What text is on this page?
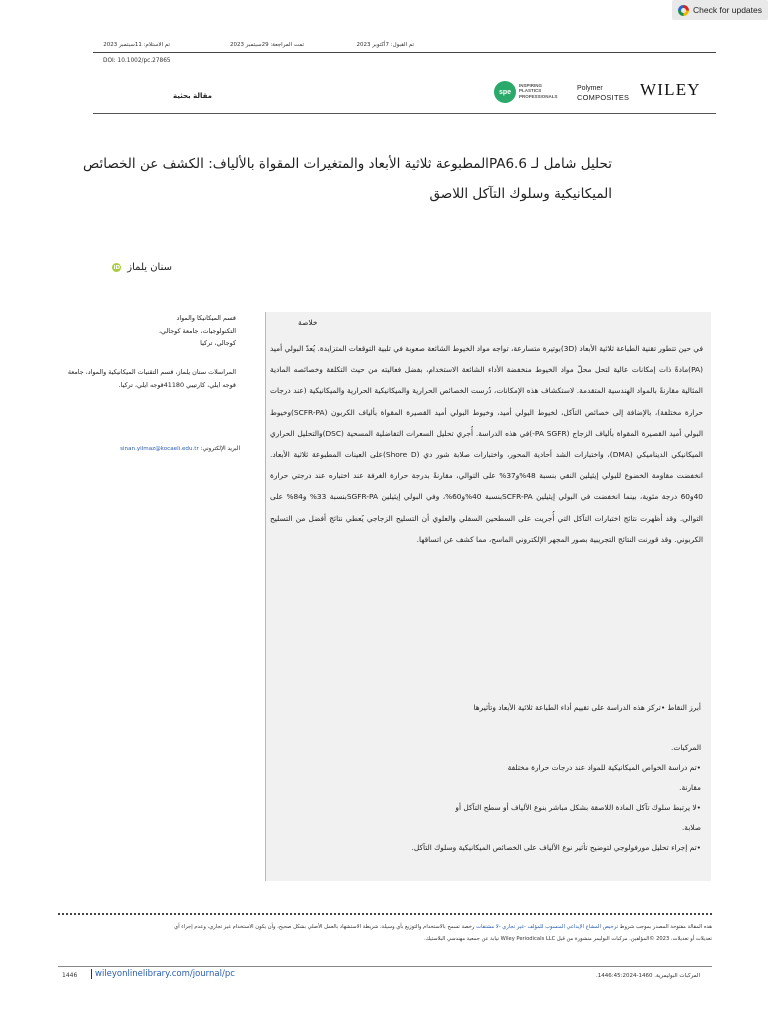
Check for updates
تم الاستلام: 11سبتمبر 2023	تمت المراجعة: 29سبتمبر 2023	تم القبول: 7أكتوبر 2023
DOI: 10.1002/pc.27865
spe
INSPIRING
PLASTICS
PROFESSIONALS
Polymer
COMPOSITES WILEY
مقالة بحثية
تحليل شامل لـ PA6.6المطبوعة ثلاثية الأبعاد والمتغيرات المقواة بالألياف: الكشف عن الخصائص الميكانيكية وسلوك التآكل اللاصق
سنان يلماز
iD
قسم الميكانيكا والمواد التكنولوجيات، جامعة كوجالي، كوجالي، تركيا
المراسلات سنان يلماز، قسم التقنيات الميكانيكية والمواد، جامعة قوجه ايلي، كارتيبي 41180قوجه ايلي، تركيا.
البريد الإلكتروني: sinan.yilmaz@kocaeli.edu.tr
خلاصة
في حين تتطور تقنية الطباعة ثلاثية الأبعاد (3D)بوتيرة متسارعة، تواجه مواد الخيوط الشائعة صعوبة في تلبية التوقعات المتزايدة. يُعدّ البولي أميد (PA)مادةً ذات إمكانات عالية لتحل محلّ مواد الخيوط منخفضة الأداء الشائعة الاستخدام، بفضل فعاليته من حيث التكلفة وخصائصه المادية المثالية مقارنةً بالمواد الهندسية المتقدمة. لاستكشاف هذه الإمكانات، دُرست الخصائص الحرارية والميكانيكية الحرارية والميكانيكية (عند درجات حرارة مختلفة)، بالإضافة إلى خصائص التآكل، لخيوط البولي أميد، وخيوط البولي أميد القصيرة المقواة بألياف الكربون (SCFR-PA)وخيوط البولي أميد القصيرة المقواة بألياف الزجاج (PA SGFR-)في هذه الدراسة. أُجري تحليل السعرات التفاضلية المسحية (DSC)والتحليل الحراري الميكانيكي الديناميكي (DMA)، واختبارات الشد أحادية المحور، واختبارات صلابة شور دي (Shore D)على العينات المطبوعة ثلاثية الأبعاد. انخفضت مقاومة الخضوع للبولي إيثيلين النقي بنسبة 48%و37% على التوالي، مقارنةً بدرجة حرارة الغرفة عند اختباره عند درجتي حرارة 40و60 درجة مئوية، بينما انخفضت في البولي إيثيلين SCFR-PAبنسبة 40%و60%، وفي البولي إيثيلين SGFR-PAبنسبة 33% و84% على التوالي. وقد أظهرت نتائج اختبارات التآكل التي أُجريت على السطحين السفلي والعلوي أن التسليح الزجاجي يُعطي نتائج أفضل من التسليح الكربوني. وقد قورنت النتائج التجريبية بصور المجهر الإلكتروني الماسح، مما كشف عن اتساقها.
أبرز النقاط •تركز هذه الدراسة على تقييم أداء الطباعة ثلاثية الأبعاد وتأثيرها
المركبات.
•تم دراسة الخواص الميكانيكية للمواد عند درجات حرارة مختلفة
مقارنة.
•لا يرتبط سلوك تآكل المادة اللاصقة بشكل مباشر بنوع الألياف أو سطح التآكل أو
صلابة.
•تم إجراء تحليل مورفولوجي لتوضيح تأثير نوع الألياف على الخصائص الميكانيكية وسلوك التآكل.
هذه المقالة مفتوحة المصدر بموجب شروط ترخيص المشاع الإبداعي المنسوب للمؤلف -غير تجاري -لا مشتقات رخصة تسمح بالاستخدام والتوزيع بأي وسيلة، شريطة الاستشهاد بالعمل الأصلي بشكل صحيح، وأن يكون الاستخدام غير تجاري، وعدم إجراء أي
تعديلات أو تعديلات. 2023 ©المؤلفين. مركبات البوليمر منشورة من قبل Wiley Periodicals LLC نيابة عن جمعية مهندسي البلاستيك.
1446	wileyonlinelibrary.com/journal/pc	المركبات البوليمرية. 1460-1446:45:2024.
